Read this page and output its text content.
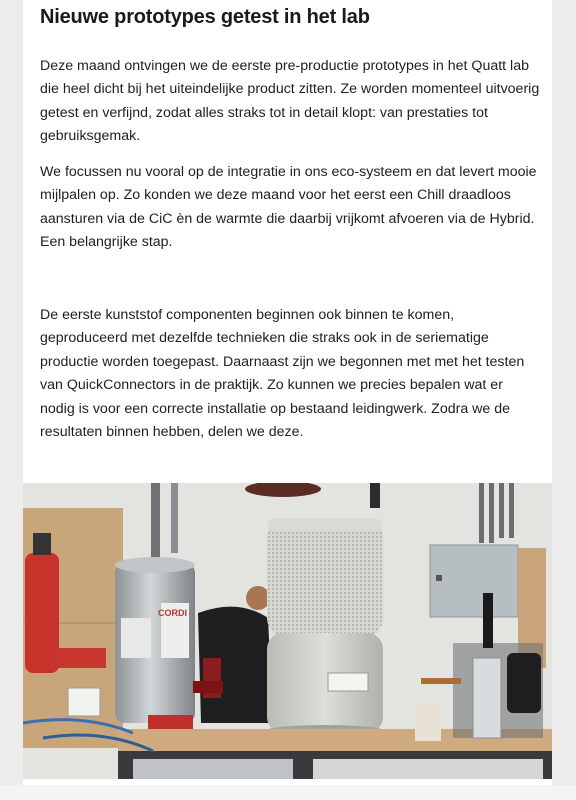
Nieuwe prototypes getest in het lab

Deze maand ontvingen we de eerste pre-productie prototypes in het Quatt lab die heel dicht bij het uiteindelijke product zitten. Ze worden momenteel uitvoerig getest en verfijnd, zodat alles straks tot in detail klopt: van prestaties tot gebruiksgemak.

We focussen nu vooral op de integratie in ons eco-systeem en dat levert mooie mijlpalen op. Zo konden we deze maand voor het eerst een Chill draadloos aansturen via de CiC èn de warmte die daarbij vrijkomt afvoeren via de Hybrid. Een belangrijke stap.

De eerste kunststof componenten beginnen ook binnen te komen, geproduceerd met dezelfde technieken die straks ook in de seriematige productie worden toegepast. Daarnaast zijn we begonnen met met het testen van QuickConnectors in de praktijk. Zo kunnen we precies bepalen wat er nodig is voor een correcte installatie op bestaand leidingwerk. Zodra we de resultaten binnen hebben, delen we deze.

CORDI
